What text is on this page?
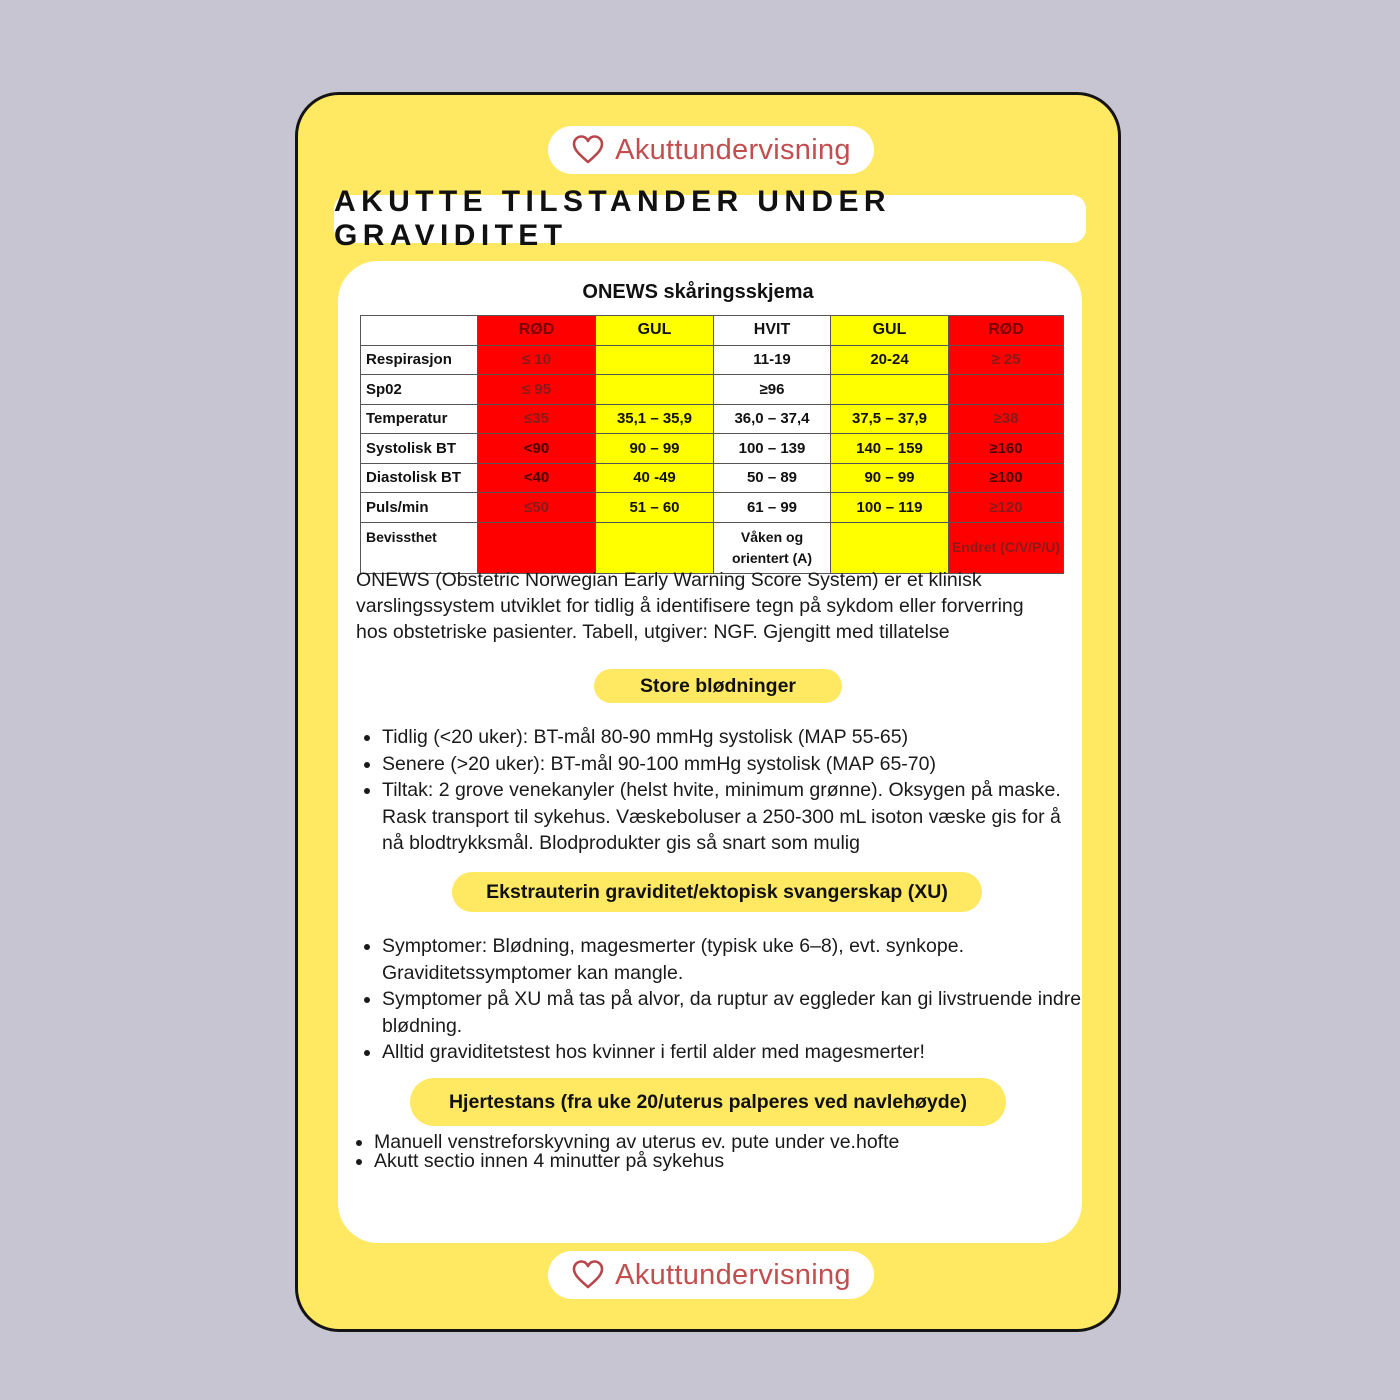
Akuttundervisning
AKUTTE TILSTANDER UNDER GRAVIDITET
ONEWS skåringsskjema
	RØD	GUL	HVIT	GUL	RØD
Respirasjon	≤ 10		11-19	20-24	≥ 25
Sp02	≤ 95		≥96		
Temperatur	≤35	35,1 – 35,9	36,0 – 37,4	37,5 – 37,9	≥38
Systolisk BT	<90	90 – 99	100 – 139	140 – 159	≥160
Diastolisk BT	<40	40 -49	50 – 89	90 – 99	≥100
Puls/min	≤50	51 – 60	61 – 99	100 – 119	≥120
Bevissthet			Våken og orientert (A)		Endret (C/V/P/U)
ONEWS (Obstetric Norwegian Early Warning Score System) er et klinisk varslingssystem utviklet for tidlig å identifisere tegn på sykdom eller forverring hos obstetriske pasienter. Tabell, utgiver: NGF. Gjengitt med tillatelse
Store blødninger
• Tidlig (<20 uker): BT-mål 80-90 mmHg systolisk (MAP 55-65)
• Senere (>20 uker): BT-mål 90-100 mmHg systolisk (MAP 65-70)
• Tiltak: 2 grove venekanyler (helst hvite, minimum grønne). Oksygen på maske. Rask transport til sykehus. Væskeboluser a 250-300 mL isoton væske gis for å nå blodtrykksmål. Blodprodukter gis så snart som mulig
Ekstrauterin graviditet/ektopisk svangerskap (XU)
• Symptomer: Blødning, magesmerter (typisk uke 6–8), evt. synkope. Graviditetssymptomer kan mangle.
• Symptomer på XU må tas på alvor, da ruptur av eggleder kan gi livstruende indre blødning.
• Alltid graviditetstest hos kvinner i fertil alder med magesmerter!
Hjertestans (fra uke 20/uterus palperes ved navlehøyde)
• Manuell venstreforskyvning av uterus ev. pute under ve.hofte
• Akutt sectio innen 4 minutter på sykehus
Akuttundervisning
